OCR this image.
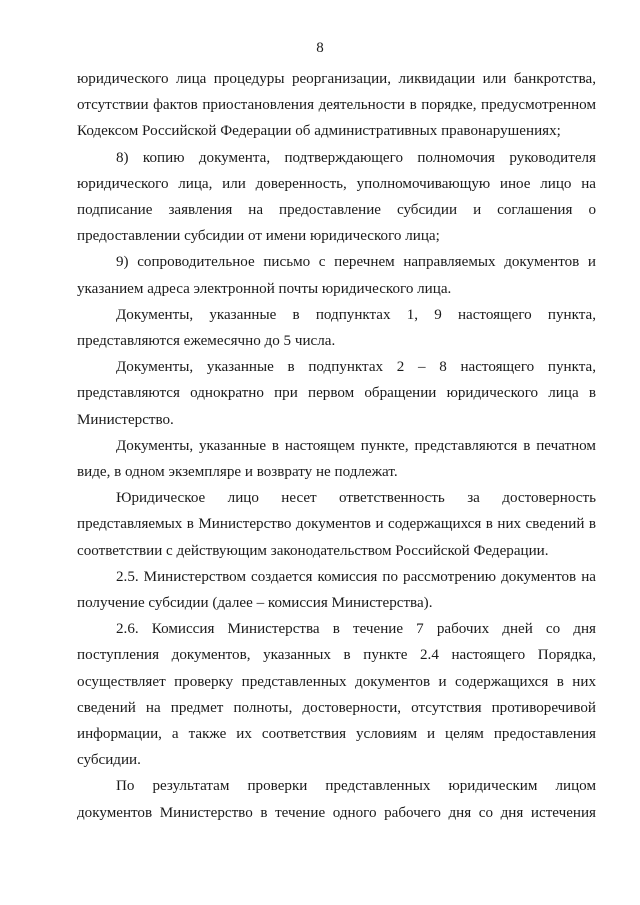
8

юридического лица процедуры реорганизации, ликвидации или банкротства, отсутствии фактов приостановления деятельности в порядке, предусмотренном Кодексом Российской Федерации об административных правонарушениях;

8) копию документа, подтверждающего полномочия руководителя юридического лица, или доверенность, уполномочивающую иное лицо на подписание заявления на предоставление субсидии и соглашения о предоставлении субсидии от имени юридического лица;

9) сопроводительное письмо с перечнем направляемых документов и указанием адреса электронной почты юридического лица.

Документы, указанные в подпунктах 1, 9 настоящего пункта, представляются ежемесячно до 5 числа.

Документы, указанные в подпунктах 2 – 8 настоящего пункта, представляются однократно при первом обращении юридического лица в Министерство.

Документы, указанные в настоящем пункте, представляются в печатном виде, в одном экземпляре и возврату не подлежат.

Юридическое лицо несет ответственность за достоверность представляемых в Министерство документов и содержащихся в них сведений в соответствии с действующим законодательством Российской Федерации.

2.5. Министерством создается комиссия по рассмотрению документов на получение субсидии (далее – комиссия Министерства).

2.6. Комиссия Министерства в течение 7 рабочих дней со дня поступления документов, указанных в пункте 2.4 настоящего Порядка, осуществляет проверку представленных документов и содержащихся в них сведений на предмет полноты, достоверности, отсутствия противоречивой информации, а также их соответствия условиям и целям предоставления субсидии.

По результатам проверки представленных юридическим лицом документов Министерство в течение одного рабочего дня со дня истечения
